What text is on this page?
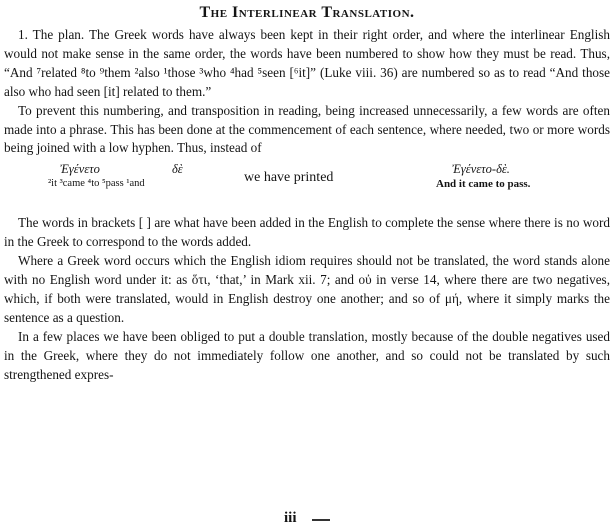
The Interlinear Translation.

1. The plan. The Greek words have always been kept in their right order, and where the interlinear English would not make sense in the same order, the words have been numbered to show how they must be read. Thus, “And ⁷related ⁸to ⁹them ²also ¹those ³who ⁴had ⁵seen [⁶it]” (Luke viii. 36) are numbered so as to read “And those also who had seen [it] related to them.”

To prevent this numbering, and transposition in reading, being increased unnecessarily, a few words are often made into a phrase. This has been done at the commencement of each sentence, where needed, two or more words being joined with a low hyphen. Thus, instead of

Ἐγένετο	δὲ
²it ³came ⁴to ⁵pass ¹and	we have printed
Ἐγένετο-δὲ.
And it came to pass.

The words in brackets [ ] are what have been added in the English to complete the sense where there is no word in the Greek to correspond to the words added.

Where a Greek word occurs which the English idiom requires should not be translated, the word stands alone with no English word under it: as ὅτι, ‘that,’ in Mark xii. 7; and οὐ in verse 14, where there are two negatives, which, if both were translated, would in English destroy one another; and so of μή, where it simply marks the sentence as a question.

In a few places we have been obliged to put a double translation, mostly because of the double negatives used in the Greek, where they do not immediately follow one another, and so could not be translated by such strengthened expres-

iii
